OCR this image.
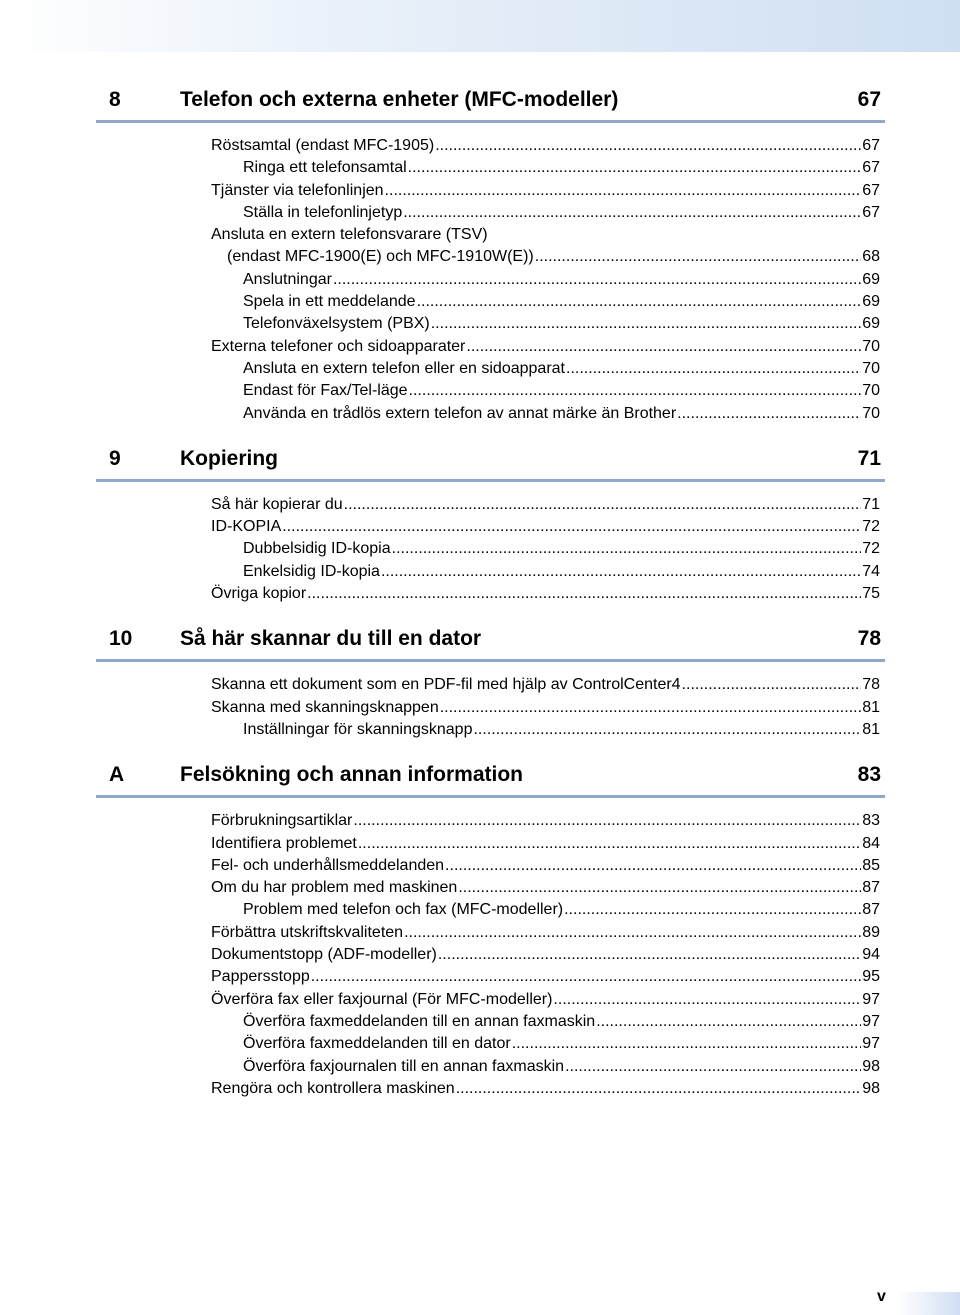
8	Telefon och externa enheter (MFC-modeller)	67
Röstsamtal (endast MFC-1905) .....	67
Ringa ett telefonsamtal .....	67
Tjänster via telefonlinjen .....	67
Ställa in telefonlinjetyp .....	67
Ansluta en extern telefonsvarare (TSV)
(endast MFC-1900(E) och MFC-1910W(E)) .....	68
Anslutningar .....	69
Spela in ett meddelande .....	69
Telefonväxelsystem (PBX) .....	69
Externa telefoner och sidoapparater .....	70
Ansluta en extern telefon eller en sidoapparat .....	70
Endast för Fax/Tel-läge .....	70
Använda en trådlös extern telefon av annat märke än Brother .....	70
9	Kopiering	71
Så här kopierar du .....	71
ID-KOPIA .....	72
Dubbelsidig ID-kopia .....	72
Enkelsidig ID-kopia .....	74
Övriga kopior .....	75
10	Så här skannar du till en dator	78
Skanna ett dokument som en PDF-fil med hjälp av ControlCenter4 .....	78
Skanna med skanningsknappen .....	81
Inställningar för skanningsknapp .....	81
A	Felsökning och annan information	83
Förbrukningsartiklar .....	83
Identifiera problemet .....	84
Fel- och underhållsmeddelanden .....	85
Om du har problem med maskinen .....	87
Problem med telefon och fax (MFC-modeller) .....	87
Förbättra utskriftskvaliteten .....	89
Dokumentstopp (ADF-modeller) .....	94
Pappersstopp .....	95
Överföra fax eller faxjournal (För MFC-modeller) .....	97
Överföra faxmeddelanden till en annan faxmaskin .....	97
Överföra faxmeddelanden till en dator .....	97
Överföra faxjournalen till en annan faxmaskin .....	98
Rengöra och kontrollera maskinen .....	98
v
